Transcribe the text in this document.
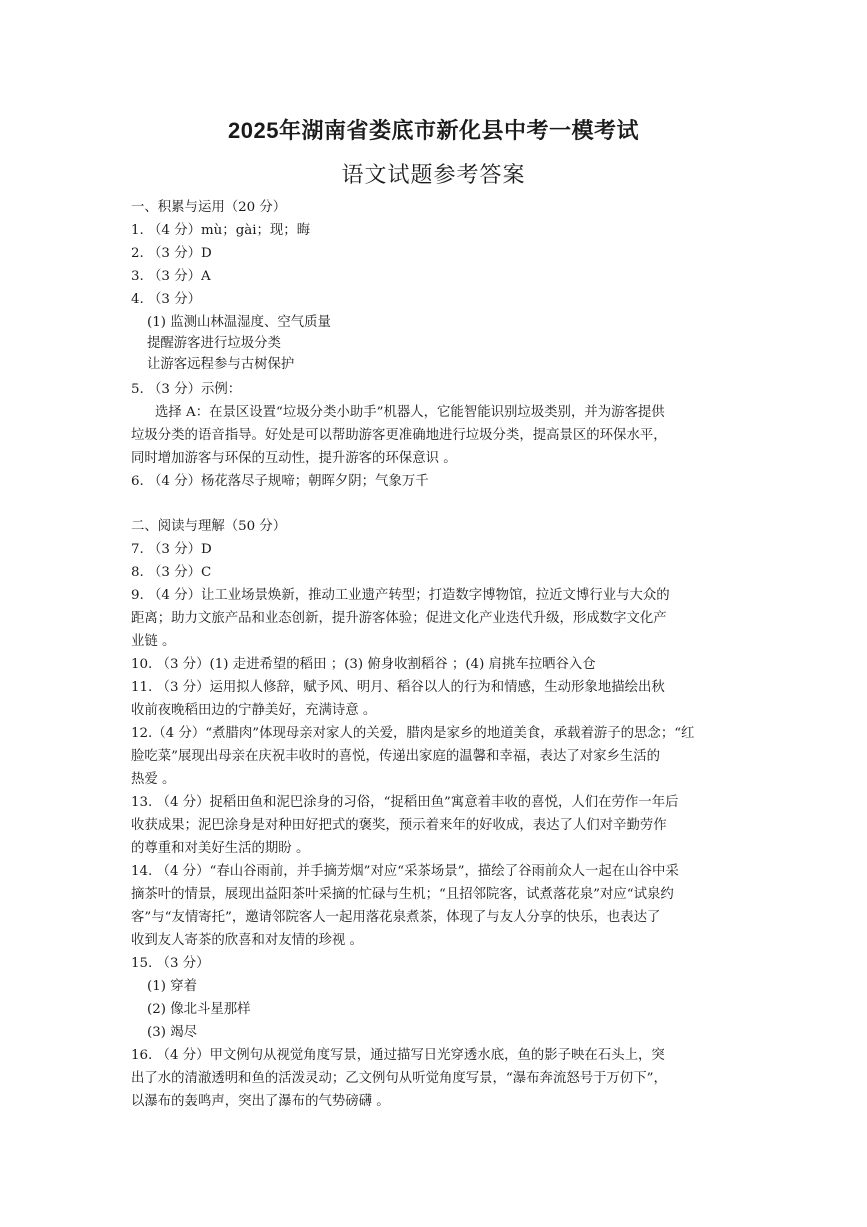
2025年湖南省娄底市新化县中考一模考试
语文试题参考答案
一、积累与运用（20 分）
1. （4 分）mù；gài；现；晦
2. （3 分）D
3. （3 分）A
4. （3 分）
(1) 监测山林温湿度、空气质量
提醒游客进行垃圾分类
让游客远程参与古树保护
5. （3 分）示例：
选择 A：在景区设置“垃圾分类小助手”机器人，它能智能识别垃圾类别，并为游客提供
垃圾分类的语音指导。好处是可以帮助游客更准确地进行垃圾分类，提高景区的环保水平，
同时增加游客与环保的互动性，提升游客的环保意识 。
6. （4 分）杨花落尽子规啼；朝晖夕阴；气象万千
二、阅读与理解（50 分）
7. （3 分）D
8. （3 分）C
9. （4 分）让工业场景焕新，推动工业遗产转型；打造数字博物馆，拉近文博行业与大众的
距离；助力文旅产品和业态创新，提升游客体验；促进文化产业迭代升级，形成数字文化产
业链 。
10. （3 分）(1) 走进希望的稻田 ；(3) 俯身收割稻谷 ；(4) 肩挑车拉晒谷入仓
11. （3 分）运用拟人修辞，赋予风、明月、稻谷以人的行为和情感，生动形象地描绘出秋
收前夜晚稻田边的宁静美好，充满诗意 。
12.（4 分）“煮腊肉”体现母亲对家人的关爱，腊肉是家乡的地道美食，承载着游子的思念；“红
脸吃菜”展现出母亲在庆祝丰收时的喜悦，传递出家庭的温馨和幸福，表达了对家乡生活的
热爱 。
13. （4 分）捉稻田鱼和泥巴涂身的习俗，“捉稻田鱼”寓意着丰收的喜悦，人们在劳作一年后
收获成果；泥巴涂身是对种田好把式的褒奖，预示着来年的好收成，表达了人们对辛勤劳作
的尊重和对美好生活的期盼 。
14. （4 分）“春山谷雨前，并手摘芳烟”对应“采茶场景”，描绘了谷雨前众人一起在山谷中采
摘茶叶的情景，展现出益阳茶叶采摘的忙碌与生机；“且招邻院客，试煮落花泉”对应“试泉约
客”与“友情寄托”，邀请邻院客人一起用落花泉煮茶，体现了与友人分享的快乐，也表达了
收到友人寄茶的欣喜和对友情的珍视 。
15. （3 分）
(1) 穿着
(2) 像北斗星那样
(3) 竭尽
16. （4 分）甲文例句从视觉角度写景，通过描写日光穿透水底，鱼的影子映在石头上，突
出了水的清澈透明和鱼的活泼灵动；乙文例句从听觉角度写景，“瀑布奔流怒号于万仞下”，
以瀑布的轰鸣声，突出了瀑布的气势磅礴 。
